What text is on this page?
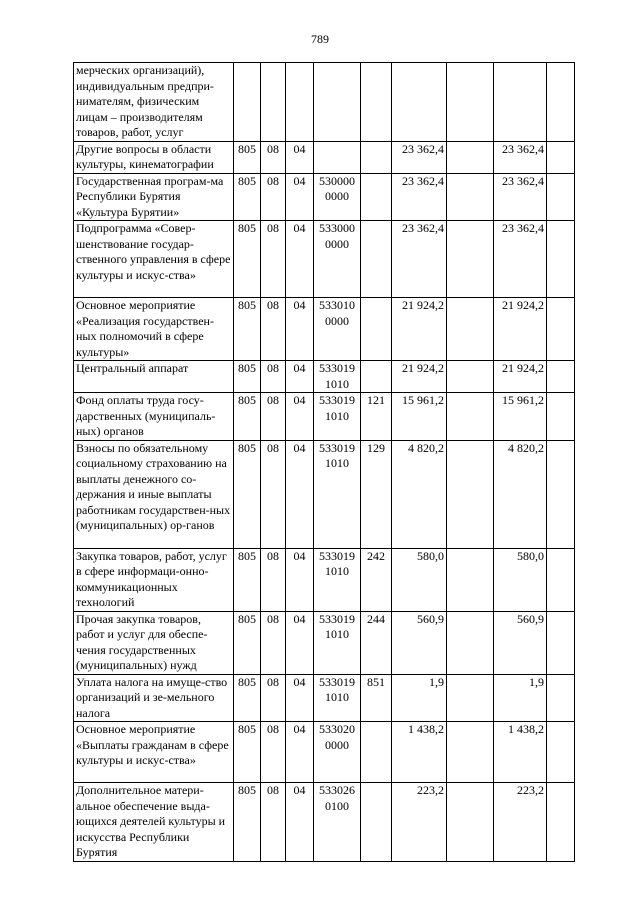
789
мерческих организаций), индивидуальным предпри-нимателям, физическим лицам – производителям товаров, работ, услуг									
Другие вопросы в области культуры, кинематографии	805	08	04			23 362,4		23 362,4	
Государственная програм-ма Республики Бурятия «Культура Бурятии»	805	08	04	530000 0000		23 362,4		23 362,4	
Подпрограмма «Совер-шенствование государ-ственного управления в сфере культуры и искус-ства»	805	08	04	533000 0000		23 362,4		23 362,4	
Основное мероприятие «Реализация государствен-ных полномочий в сфере культуры»	805	08	04	533010 0000		21 924,2		21 924,2	
Центральный аппарат	805	08	04	533019 1010		21 924,2		21 924,2	
Фонд оплаты труда госу-дарственных (муниципаль-ных) органов	805	08	04	533019 1010	121	15 961,2		15 961,2	
Взносы по обязательному социальному страхованию на выплаты денежного со-держания и иные выплаты работникам государствен-ных (муниципальных) ор-ганов	805	08	04	533019 1010	129	4 820,2		4 820,2	
Закупка товаров, работ, услуг в сфере информаци-онно-коммуникационных технологий	805	08	04	533019 1010	242	580,0		580,0	
Прочая закупка товаров, работ и услуг для обеспе-чения государственных (муниципальных) нужд	805	08	04	533019 1010	244	560,9		560,9	
Уплата налога на имуще-ство организаций и зе-мельного налога	805	08	04	533019 1010	851	1,9		1,9	
Основное мероприятие «Выплаты гражданам в сфере культуры и искус-ства»	805	08	04	533020 0000		1 438,2		1 438,2	
Дополнительное матери-альное обеспечение выда-ющихся деятелей культуры и искусства Республики Бурятия	805	08	04	533026 0100		223,2		223,2	
